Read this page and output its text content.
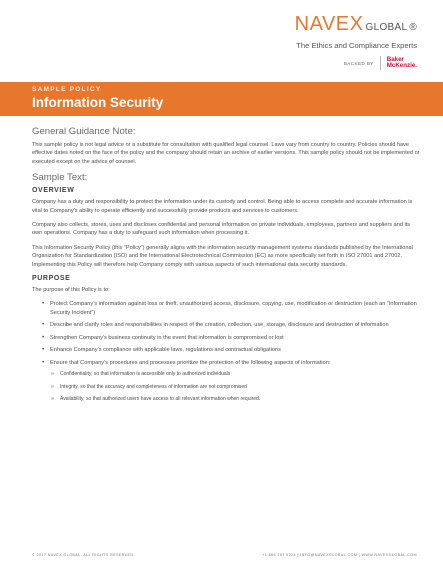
NAVEX GLOBAL ®
The Ethics and Compliance Experts
BACKED BY
Baker
McKenzie.
SAMPLE POLICY
Information Security
General Guidance Note:

This sample policy is not legal advice or a substitute for consultation with qualified legal counsel. Laws vary from country to country. Policies should have effective dates noted on the face of the policy and the company should retain an archive of earlier versions. This sample policy should not be implemented or executed except on the advice of counsel.

Sample Text:
OVERVIEW

Company has a duty and responsibility to protect the information under its custody and control. Being able to access complete and accurate information is vital to Company’s ability to operate efficiently and successfully provide products and services to customers.

Company also collects, stores, uses and discloses confidential and personal information on private individuals, employees, partners and suppliers and its own operations. Company has a duty to safeguard such information when processing it.

This Information Security Policy (this “Policy”) generally aligns with the information security management systems standards published by the International Organization for Standardization (ISO) and the International Electrotechnical Commission (EC) as more specifically set forth in ISO 27001 and 27002. Implementing this Policy will therefore help Company comply with various aspects of such international data security standards.

PURPOSE

The purpose of this Policy is to:

• Protect Company’s information against loss or theft, unauthorized access, disclosure, copying, use, modification or destruction (each an “Information Security Incident”)
• Describe and clarify roles and responsibilities in respect of the creation, collection, use, storage, disclosure and destruction of information
• Strengthen Company’s business continuity in the event that information is compromised or lost
• Enhance Company’s compliance with applicable laws, regulations and contractual obligations
• Ensure that Company’s procedures and processes prioritize the protection of the following aspects of information:
» Confidentiality, so that information is accessible only to authorized individuals
» Integrity, so that the accuracy and completeness of information are not compromised
» Availability, so that authorized users have access to all relevant information when required.
© 2017 NAVEX GLOBAL. ALL RIGHTS RESERVED.	+1 866 297 0224 | INFO@NAVEXGLOBAL.COM | WWW.NAVEXGLOBAL.COM
